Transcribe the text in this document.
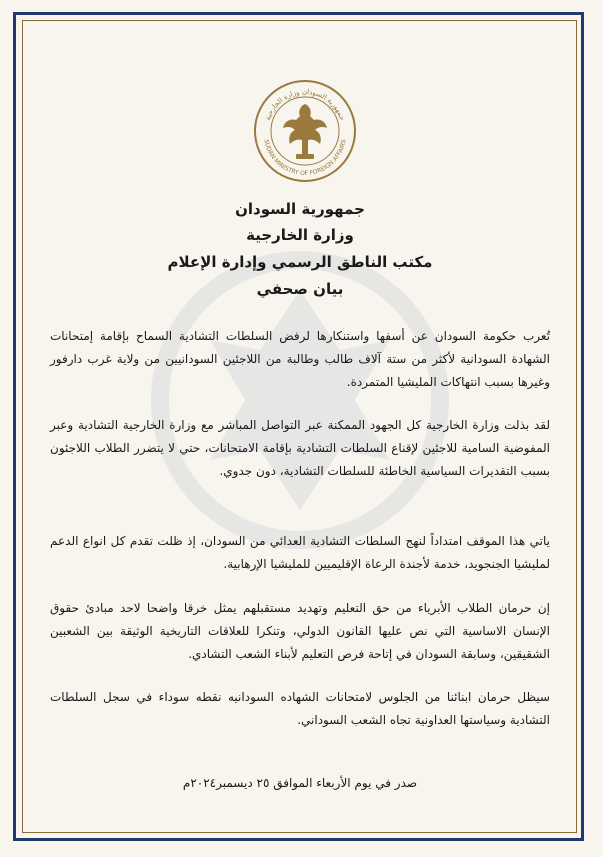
جمهورية السودان وزارة الخارجية
SUDAN MINISTRY OF FOREIGN AFFAIRS
جمهورية السودان
وزارة الخارجية
مكتب الناطق الرسمي وإدارة الإعلام
بيان صحفي
تُعرب حكومة السودان عن أسفها واستنكارها لرفض السلطات التشادية السماح بإقامة إمتحانات الشهادة السودانية لأكثر من ستة آلاف طالب وطالبة من اللاجئين السودانيين من ولاية غرب دارفور وغيرها بسبب انتهاكات المليشيا المتمردة.
لقد بذلت وزارة الخارجية كل الجهود الممكنة عبر التواصل المباشر مع وزارة الخارجية التشادية وعبر المفوضية السامية للاجئين لإقناع السلطات التشادية بإقامة الامتحانات، حتي لا يتضرر الطلاب اللاجئون بسبب التقديرات السياسية الخاطئة للسلطات التشادية، دون جدوي.
ياتي هذا الموقف امتداداً لنهج السلطات التشادية العدائي من السودان، إذ ظلت تقدم كل انواع الدعم لمليشيا الجنجويد، خدمة لأجندة الرعاة الإقليميين للمليشيا الإرهابية.
إن حرمان الطلاب الأبرياء من حق التعليم وتهديد مستقبلهم يمثل خرقا واضحا لاحد مبادئ حقوق الإنسان الاساسية التي نص عليها القانون الدولي، وتنكرا للعلاقات التاريخية الوثيقة بين الشعبين الشقيقين، وسابقة السودان في إتاحة فرص التعليم لأبناء الشعب التشادي.
سيظل حرمان ابنائنا من الجلوس لامتحانات الشهاده السودانيه نقطه سوداء في سجل السلطات التشادية وسياستها العداونية تجاه الشعب السوداني.
صدر في يوم الأربعاء الموافق ٢٥ ديسمبر٢٠٢٤م
